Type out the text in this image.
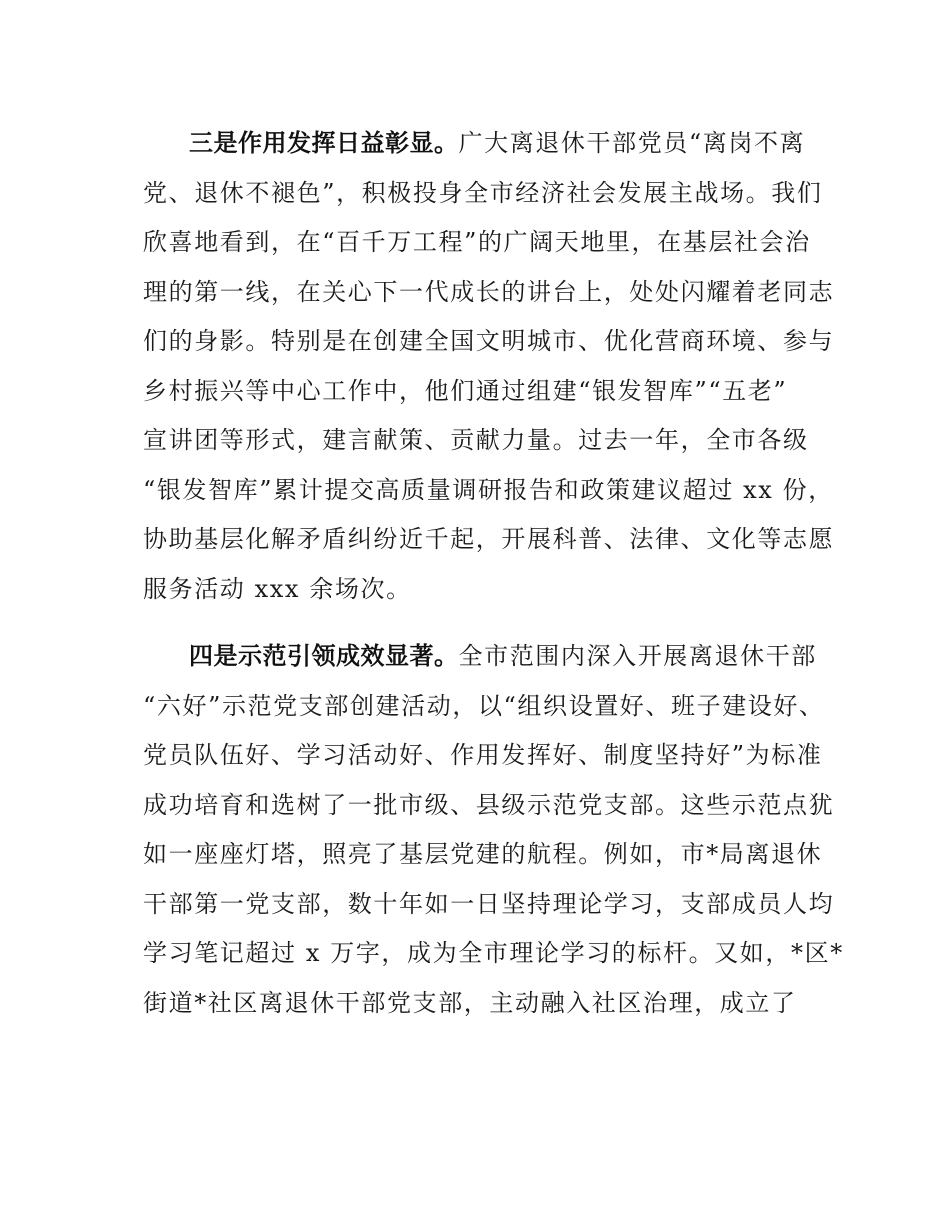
三是作用发挥日益彰显。广大离退休干部党员“离岗不离
党、退休不褪色”，积极投身全市经济社会发展主战场。我们
欣喜地看到，在“百千万工程”的广阔天地里，在基层社会治
理的第一线，在关心下一代成长的讲台上，处处闪耀着老同志
们的身影。特别是在创建全国文明城市、优化营商环境、参与
乡村振兴等中心工作中，他们通过组建“银发智库”“五老”
宣讲团等形式，建言献策、贡献力量。过去一年，全市各级
“银发智库”累计提交高质量调研报告和政策建议超过 xx 份，
协助基层化解矛盾纠纷近千起，开展科普、法律、文化等志愿
服务活动 xxx 余场次。
四是示范引领成效显著。全市范围内深入开展离退休干部
“六好”示范党支部创建活动，以“组织设置好、班子建设好、
党员队伍好、学习活动好、作用发挥好、制度坚持好”为标准
成功培育和选树了一批市级、县级示范党支部。这些示范点犹
如一座座灯塔，照亮了基层党建的航程。例如，市*局离退休
干部第一党支部，数十年如一日坚持理论学习，支部成员人均
学习笔记超过 x 万字，成为全市理论学习的标杆。又如，*区*
街道*社区离退休干部党支部，主动融入社区治理，成立了
